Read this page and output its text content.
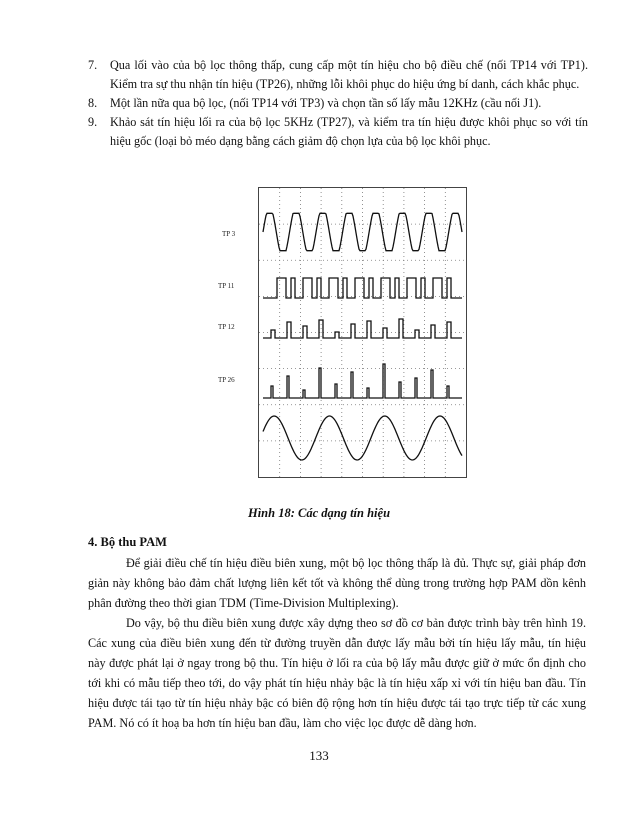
7. Qua lối vào của bộ lọc thông thấp, cung cấp một tín hiệu cho bộ điều chế (nối TP14 với TP1). Kiểm tra sự thu nhận tín hiệu (TP26), những lỗi khôi phục do hiệu ứng bí danh, cách khắc phục.
8. Một lần nữa qua bộ lọc, (nối TP14 với TP3) và chọn tần số lấy mẫu 12KHz (cầu nối J1).
9. Khảo sát tín hiệu lối ra của bộ lọc 5KHz (TP27), và kiểm tra tín hiệu được khôi phục so với tín hiệu gốc (loại bỏ méo dạng bằng cách giảm độ chọn lựa của bộ lọc khôi phục.
TP 3
TP 11
TP 12
TP 26
Hình 18: Các dạng tín hiệu
4. Bộ thu PAM

Để giải điều chế tín hiệu điều biên xung, một bộ lọc thông thấp là đủ. Thực sự, giải pháp đơn giản này không bảo đảm chất lượng liên kết tốt và không thể dùng trong trường hợp PAM dồn kênh phân đường theo thời gian TDM (Time-Division Multiplexing).

Do vậy, bộ thu điều biên xung được xây dựng theo sơ đồ cơ bản được trình bày trên hình 19. Các xung của điều biên xung đến từ đường truyền dẫn được lấy mẫu bởi tín hiệu lấy mẫu, tín hiệu này được phát lại ở ngay trong bộ thu. Tín hiệu ở lối ra của bộ lấy mẫu được giữ ở mức ổn định cho tới khi có mẫu tiếp theo tới, do vậy phát tín hiệu nhảy bậc là tín hiệu xấp xỉ với tín hiệu ban đầu. Tín hiệu được tái tạo từ tín hiệu nhảy bậc có biên độ rộng hơn tín hiệu được tái tạo trực tiếp từ các xung PAM. Nó có ít hoạ ba hơn tín hiệu ban đầu, làm cho việc lọc được dễ dàng hơn.

133
